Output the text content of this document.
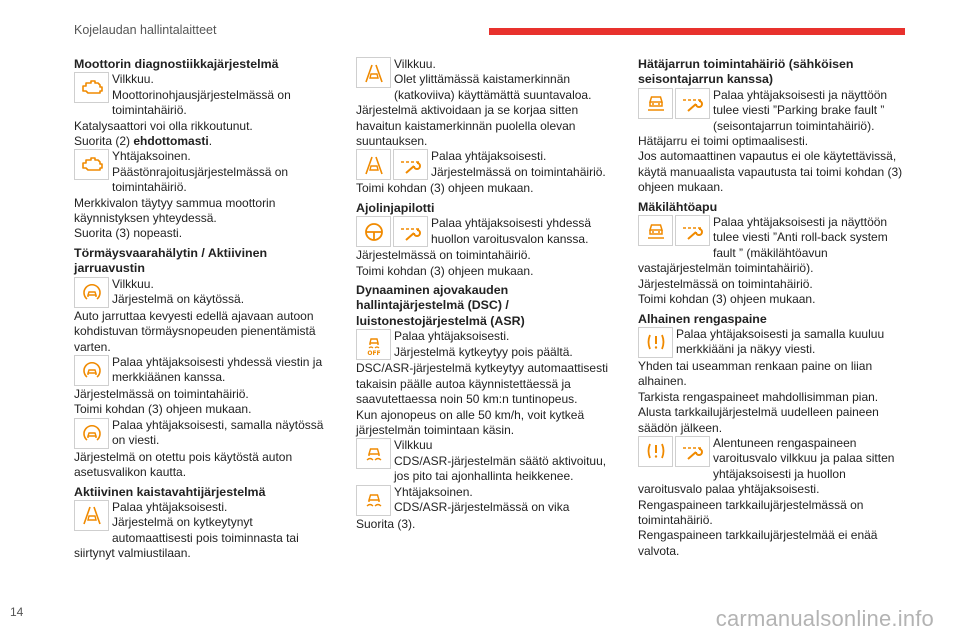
Kojelaudan hallintalaitteet
Moottorin diagnostiikkajärjestelmä
Vilkkuu.
Moottorinohjausjärjestelmässä on toimintahäiriö.
Katalysaattori voi olla rikkoutunut.
Suorita (2) ehdottomasti.
Yhtäjaksoinen.
Päästönrajoitusjärjestelmässä on toimintahäiriö.
Merkkivalon täytyy sammua moottorin käynnistyksen yhteydessä.
Suorita (3) nopeasti.
Törmäysvaarahälytin / Aktiivinen jarruavustin
Vilkkuu.
Järjestelmä on käytössä.
Auto jarruttaa kevyesti edellä ajavaan autoon kohdistuvan törmäysnopeuden pienentämistä varten.
Palaa yhtäjaksoisesti yhdessä viestin ja merkkiäänen kanssa.
Järjestelmässä on toimintahäiriö.
Toimi kohdan (3) ohjeen mukaan.
Palaa yhtäjaksoisesti, samalla näytössä on viesti.
Järjestelmä on otettu pois käytöstä auton asetusvalikon kautta.
Aktiivinen kaistavahtijärjestelmä
Palaa yhtäjaksoisesti.
Järjestelmä on kytkeytynyt automaattisesti pois toiminnasta tai siirtynyt valmiustilaan.
Vilkkuu.
Olet ylittämässä kaistamerkinnän (katkoviiva) käyttämättä suuntavaloa.
Järjestelmä aktivoidaan ja se korjaa sitten havaitun kaistamerkinnän puolella olevan suuntauksen.
Palaa yhtäjaksoisesti.
Järjestelmässä on toimintahäiriö.
Toimi kohdan (3) ohjeen mukaan.
Ajolinjapilotti
Palaa yhtäjaksoisesti yhdessä huollon varoitusvalon kanssa.
Järjestelmässä on toimintahäiriö.
Toimi kohdan (3) ohjeen mukaan.
Dynaaminen ajovakauden hallintajärjestelmä (DSC) / luistonestojärjestelmä (ASR)
OFF
Palaa yhtäjaksoisesti.
Järjestelmä kytkeytyy pois päältä.
DSC/ASR-järjestelmä kytkeytyy automaattisesti takaisin päälle autoa käynnistettäessä ja saavutettaessa noin 50 km:n tuntinopeus.
Kun ajonopeus on alle 50 km/h, voit kytkeä järjestelmän toimintaan käsin.
Vilkkuu
CDS/ASR-järjestelmän säätö aktivoituu, jos pito tai ajonhallinta heikkenee.
Yhtäjaksoinen.
CDS/ASR-järjestelmässä on vika
Suorita (3).
Hätäjarrun toimintahäiriö (sähköisen seisontajarrun kanssa)
Palaa yhtäjaksoisesti ja näyttöön tulee viesti ”Parking brake fault ” (seisontajarrun toimintahäiriö).
Hätäjarru ei toimi optimaalisesti.
Jos automaattinen vapautus ei ole käytettävissä, käytä manuaalista vapautusta tai toimi kohdan (3) ohjeen mukaan.
Mäkilähtöapu
Palaa yhtäjaksoisesti ja näyttöön tulee viesti ”Anti roll-back system fault ” (mäkilähtöavun vastajärjestelmän toimintahäiriö).
Järjestelmässä on toimintahäiriö.
Toimi kohdan (3) ohjeen mukaan.
Alhainen rengaspaine
Palaa yhtäjaksoisesti ja samalla kuuluu merkkiääni ja näkyy viesti.
Yhden tai useamman renkaan paine on liian alhainen.
Tarkista rengaspaineet mahdollisimman pian.
Alusta tarkkailujärjestelmä uudelleen paineen säädön jälkeen.
Alentuneen rengaspaineen varoitusvalo vilkkuu ja palaa sitten yhtäjaksoisesti ja huollon varoitusvalo palaa yhtäjaksoisesti.
Rengaspaineen tarkkailujärjestelmässä on toimintahäiriö.
Rengaspaineen tarkkailujärjestelmää ei enää valvota.
14	carmanualsonline.info
